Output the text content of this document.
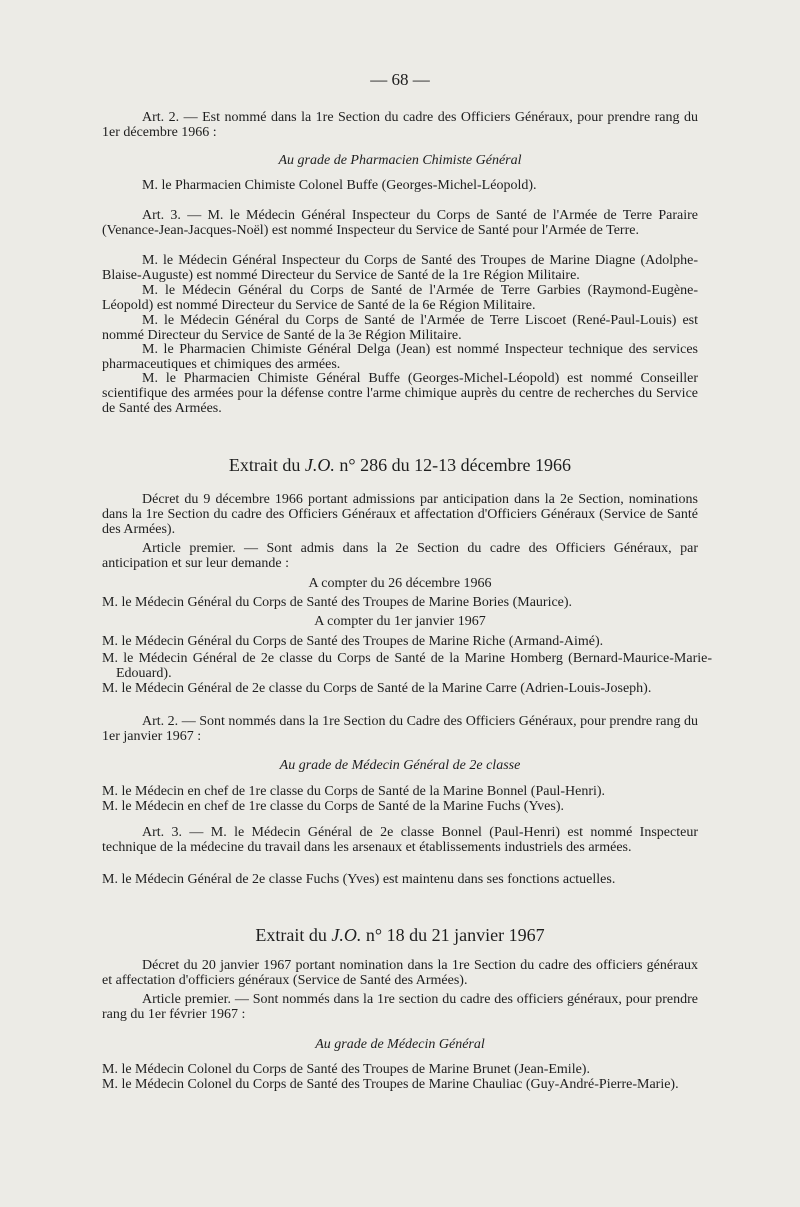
— 68 —
Art. 2. — Est nommé dans la 1re Section du cadre des Officiers Généraux, pour prendre rang du 1er décembre 1966 :
Au grade de Pharmacien Chimiste Général
M. le Pharmacien Chimiste Colonel Buffe (Georges-Michel-Léopold).
Art. 3. — M. le Médecin Général Inspecteur du Corps de Santé de l'Armée de Terre Paraire (Venance-Jean-Jacques-Noël) est nommé Inspecteur du Service de Santé pour l'Armée de Terre.
M. le Médecin Général Inspecteur du Corps de Santé des Troupes de Marine Diagne (Adolphe-Blaise-Auguste) est nommé Directeur du Service de Santé de la 1re Région Militaire.
M. le Médecin Général du Corps de Santé de l'Armée de Terre Garbies (Raymond-Eugène-Léopold) est nommé Directeur du Service de Santé de la 6e Région Militaire.
M. le Médecin Général du Corps de Santé de l'Armée de Terre Liscoet (René-Paul-Louis) est nommé Directeur du Service de Santé de la 3e Région Militaire.
M. le Pharmacien Chimiste Général Delga (Jean) est nommé Inspecteur technique des services pharmaceutiques et chimiques des armées.
M. le Pharmacien Chimiste Général Buffe (Georges-Michel-Léopold) est nommé Conseiller scientifique des armées pour la défense contre l'arme chimique auprès du centre de recherches du Service de Santé des Armées.
Extrait du J.O. n° 286 du 12-13 décembre 1966
Décret du 9 décembre 1966 portant admissions par anticipation dans la 2e Section, nominations dans la 1re Section du cadre des Officiers Généraux et affectation d'Officiers Généraux (Service de Santé des Armées).
Article premier. — Sont admis dans la 2e Section du cadre des Officiers Généraux, par anticipation et sur leur demande :
A compter du 26 décembre 1966
M. le Médecin Général du Corps de Santé des Troupes de Marine Bories (Maurice).
A compter du 1er janvier 1967
M. le Médecin Général du Corps de Santé des Troupes de Marine Riche (Armand-Aimé).
M. le Médecin Général de 2e classe du Corps de Santé de la Marine Homberg (Bernard-Maurice-Marie-Edouard).
M. le Médecin Général de 2e classe du Corps de Santé de la Marine Carre (Adrien-Louis-Joseph).
Art. 2. — Sont nommés dans la 1re Section du Cadre des Officiers Généraux, pour prendre rang du 1er janvier 1967 :
Au grade de Médecin Général de 2e classe
M. le Médecin en chef de 1re classe du Corps de Santé de la Marine Bonnel (Paul-Henri).
M. le Médecin en chef de 1re classe du Corps de Santé de la Marine Fuchs (Yves).
Art. 3. — M. le Médecin Général de 2e classe Bonnel (Paul-Henri) est nommé Inspecteur technique de la médecine du travail dans les arsenaux et établissements industriels des armées.
M. le Médecin Général de 2e classe Fuchs (Yves) est maintenu dans ses fonctions actuelles.
Extrait du J.O. n° 18 du 21 janvier 1967
Décret du 20 janvier 1967 portant nomination dans la 1re Section du cadre des officiers généraux et affectation d'officiers généraux (Service de Santé des Armées).
Article premier. — Sont nommés dans la 1re section du cadre des officiers généraux, pour prendre rang du 1er février 1967 :
Au grade de Médecin Général
M. le Médecin Colonel du Corps de Santé des Troupes de Marine Brunet (Jean-Emile).
M. le Médecin Colonel du Corps de Santé des Troupes de Marine Chauliac (Guy-André-Pierre-Marie).
